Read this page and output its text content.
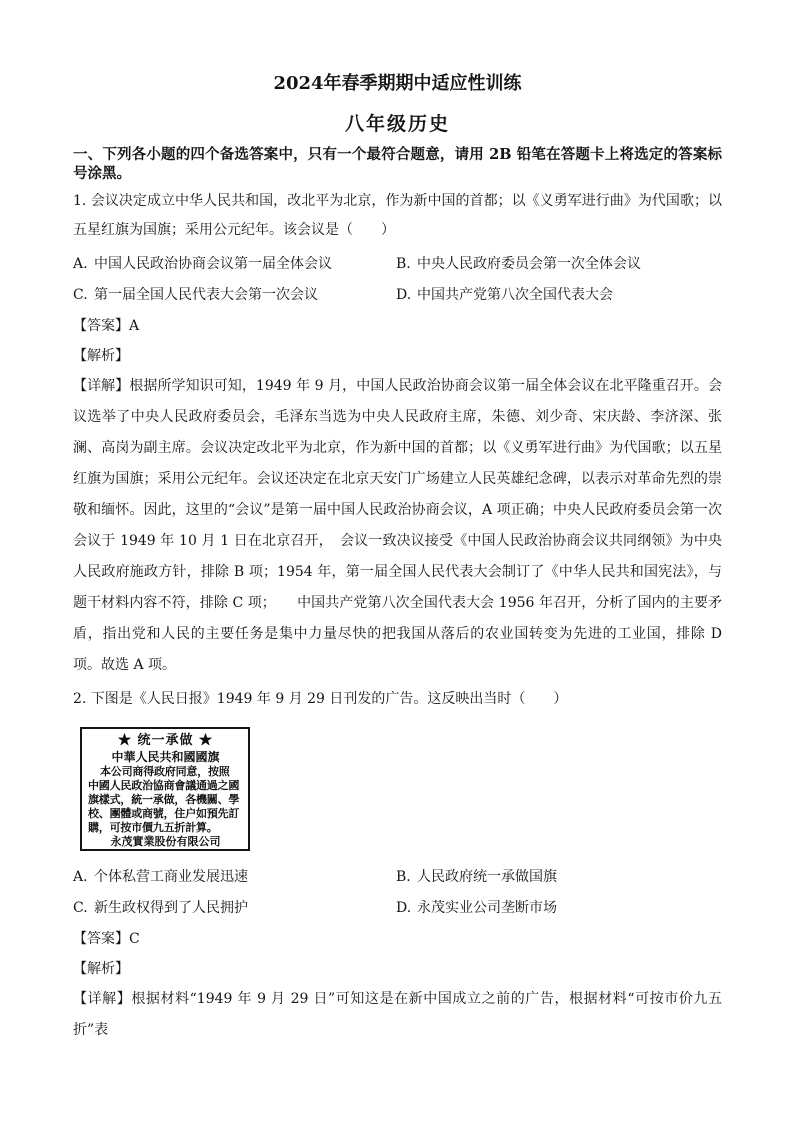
2024年春季期期中适应性训练
八年级历史
一、下列各小题的四个备选答案中，只有一个最符合题意，请用 2B 铅笔在答题卡上将选定的答案标号涂黑。
1. 会议决定成立中华人民共和国，改北平为北京，作为新中国的首都；以《义勇军进行曲》为代国歌；以五星红旗为国旗；采用公元纪年。该会议是（　　）
A. 中国人民政治协商会议第一届全体会议	B. 中央人民政府委员会第一次全体会议
C. 第一届全国人民代表大会第一次会议	D. 中国共产党第八次全国代表大会
【答案】A
【解析】
【详解】根据所学知识可知，1949 年 9 月，中国人民政治协商会议第一届全体会议在北平隆重召开。会议选举了中央人民政府委员会，毛泽东当选为中央人民政府主席，朱德、刘少奇、宋庆龄、李济深、张澜、高岗为副主席。会议决定改北平为北京，作为新中国的首都；以《义勇军进行曲》为代国歌；以五星红旗为国旗；采用公元纪年。会议还决定在北京天安门广场建立人民英雄纪念碑，以表示对革命先烈的崇敬和缅怀。因此，这里的“会议”是第一届中国人民政治协商会议，A 项正确；中央人民政府委员会第一次会议于 1949 年 10 月 1 日在北京召开，　会议一致决议接受《中国人民政治协商会议共同纲领》为中央人民政府施政方针，排除 B 项；1954 年，第一届全国人民代表大会制订了《中华人民共和国宪法》，与题干材料内容不符，排除 C 项；　　中国共产党第八次全国代表大会 1956 年召开，分析了国内的主要矛盾，指出党和人民的主要任务是集中力量尽快的把我国从落后的农业国转变为先进的工业国，排除 D 项。故选 A 项。
2. 下图是《人民日报》1949 年 9 月 29 日刊发的广告。这反映出当时（　　）
★ 统一承做 ★
中華人民共和國國旗
本公司商得政府同意，按照
中國人民政治協商會議通過之國
旗樣式，統一承做，各機關、學
校、團體或商號，住户如預先訂
購，可按市價九五折計算。
永茂實業股份有限公司
A. 个体私营工商业发展迅速	B. 人民政府统一承做国旗
C. 新生政权得到了人民拥护	D. 永茂实业公司垄断市场
【答案】C
【解析】
【详解】根据材料“1949 年 9 月 29 日”可知这是在新中国成立之前的广告，根据材料“可按市价九五折”表
